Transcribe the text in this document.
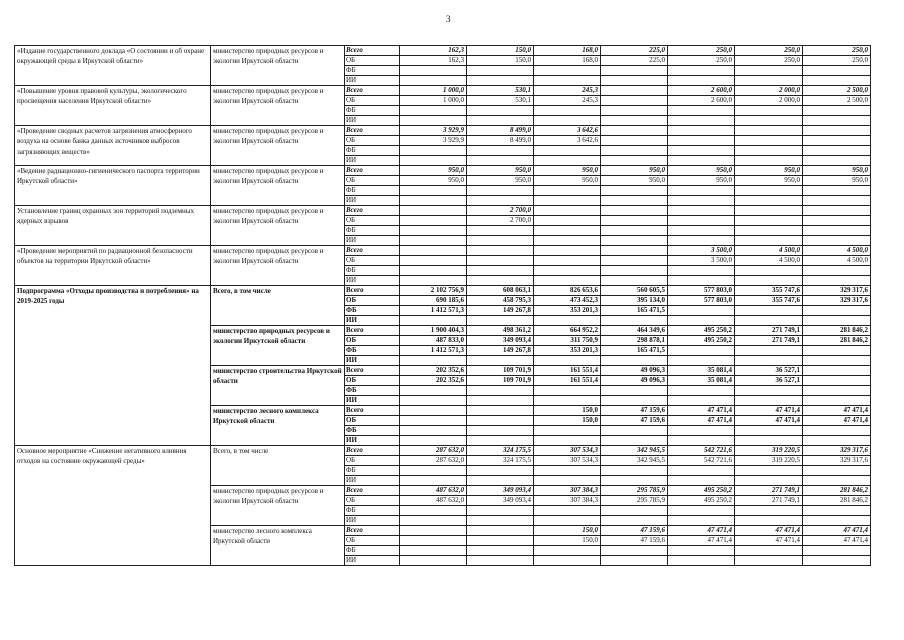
3
«Издание государственного доклада «О состоянии и об охране окружающей среды в Иркутской области»	министерство природных ресурсов и экологии Иркутской области	Всего	162,3	150,0	168,0	225,0	250,0	250,0	250,0
		ОБ	162,3	150,0	168,0	225,0	250,0	250,0	250,0
		ФБ							
		ИИ							
«Повышение уровня правовой культуры, экологического просвещения населения Иркутской области»	министерство природных ресурсов и экологии Иркутской области	Всего	1 000,0	530,1	245,3		2 600,0	2 000,0	2 500,0
		ОБ	1 000,0	530,1	245,3		2 600,0	2 000,0	2 500,0
		ФБ							
		ИИ							
«Проведение сводных расчетов загрязнения атмосферного воздуха на основе банка данных источников выбросов загрязняющих веществ»	министерство природных ресурсов и экологии Иркутской области	Всего	3 929,9	8 499,0	3 642,6				
		ОБ	3 929,9	8 499,0	3 642,6				
		ФБ							
		ИИ							
«Ведение радиационно-гигиенического паспорта территории Иркутской области»	министерство природных ресурсов и экологии Иркутской области	Всего	950,0	950,0	950,0	950,0	950,0	950,0	950,0
		ОБ	950,0	950,0	950,0	950,0	950,0	950,0	950,0
		ФБ							
		ИИ							
Установление границ охранных зон территорий подземных ядерных взрывов	министерство природных ресурсов и экологии Иркутской области	Всего		2 700,0					
		ОБ		2 700,0					
		ФБ							
		ИИ							
«Проведение мероприятий по радиационной безопасности объектов на территории Иркутской области»	министерство природных ресурсов и экологии Иркутской области	Всего					3 500,0	4 500,0	4 500,0
		ОБ					3 500,0	4 500,0	4 500,0
		ФБ							
		ИИ							
Подпрограмма «Отходы производства и потребления» на 2019-2025 годы	Всего, в том числе	Всего	2 102 756,9	608 063,1	826 653,6	560 605,5	577 803,0	355 747,6	329 317,6
		ОБ	690 185,6	458 795,3	473 452,3	395 134,0	577 803,0	355 747,6	329 317,6
		ФБ	1 412 571,3	149 267,8	353 201,3	165 471,5			
		ИИ							
	министерство природных ресурсов и экологии Иркутской области	Всего	1 900 404,3	498 361,2	664 952,2	464 349,6	495 250,2	271 749,1	281 846,2
		ОБ	487 833,0	349 093,4	311 750,9	298 878,1	495 250,2	271 749,1	281 846,2
		ФБ	1 412 571,3	149 267,8	353 201,3	165 471,5			
		ИИ							
	министерство строительства Иркутской области	Всего	202 352,6	109 701,9	161 551,4	49 096,3	35 081,4	36 527,1	
		ОБ	202 352,6	109 701,9	161 551,4	49 096,3	35 081,4	36 527,1	
		ФБ							
		ИИ							
	министерство лесного комплекса Иркутской области	Всего			150,0	47 159,6	47 471,4	47 471,4	47 471,4
		ОБ			150,0	47 159,6	47 471,4	47 471,4	47 471,4
		ФБ							
		ИИ							
Основное мероприятие «Снижение негативного влияния отходов на состояние окружающей среды»	Всего, в том числе	Всего	287 632,0	324 175,5	307 534,3	342 945,5	542 721,6	319 220,5	329 317,6
		ОБ	287 632,0	324 175,5	307 534,3	342 945,5	542 721,6	319 220,5	329 317,6
		ФБ							
		ИИ							
	министерство природных ресурсов и экологии Иркутской области	Всего	487 632,0	349 093,4	307 384,3	295 785,9	495 250,2	271 749,1	281 846,2
		ОБ	487 632,0	349 093,4	307 384,3	295 785,9	495 250,2	271 749,1	281 846,2
		ФБ							
		ИИ							
	министерство лесного комплекса Иркутской области	Всего			150,0	47 159,6	47 471,4	47 471,4	47 471,4
		ОБ			150,0	47 159,6	47 471,4	47 471,4	47 471,4
		ФБ							
		ИИ							
